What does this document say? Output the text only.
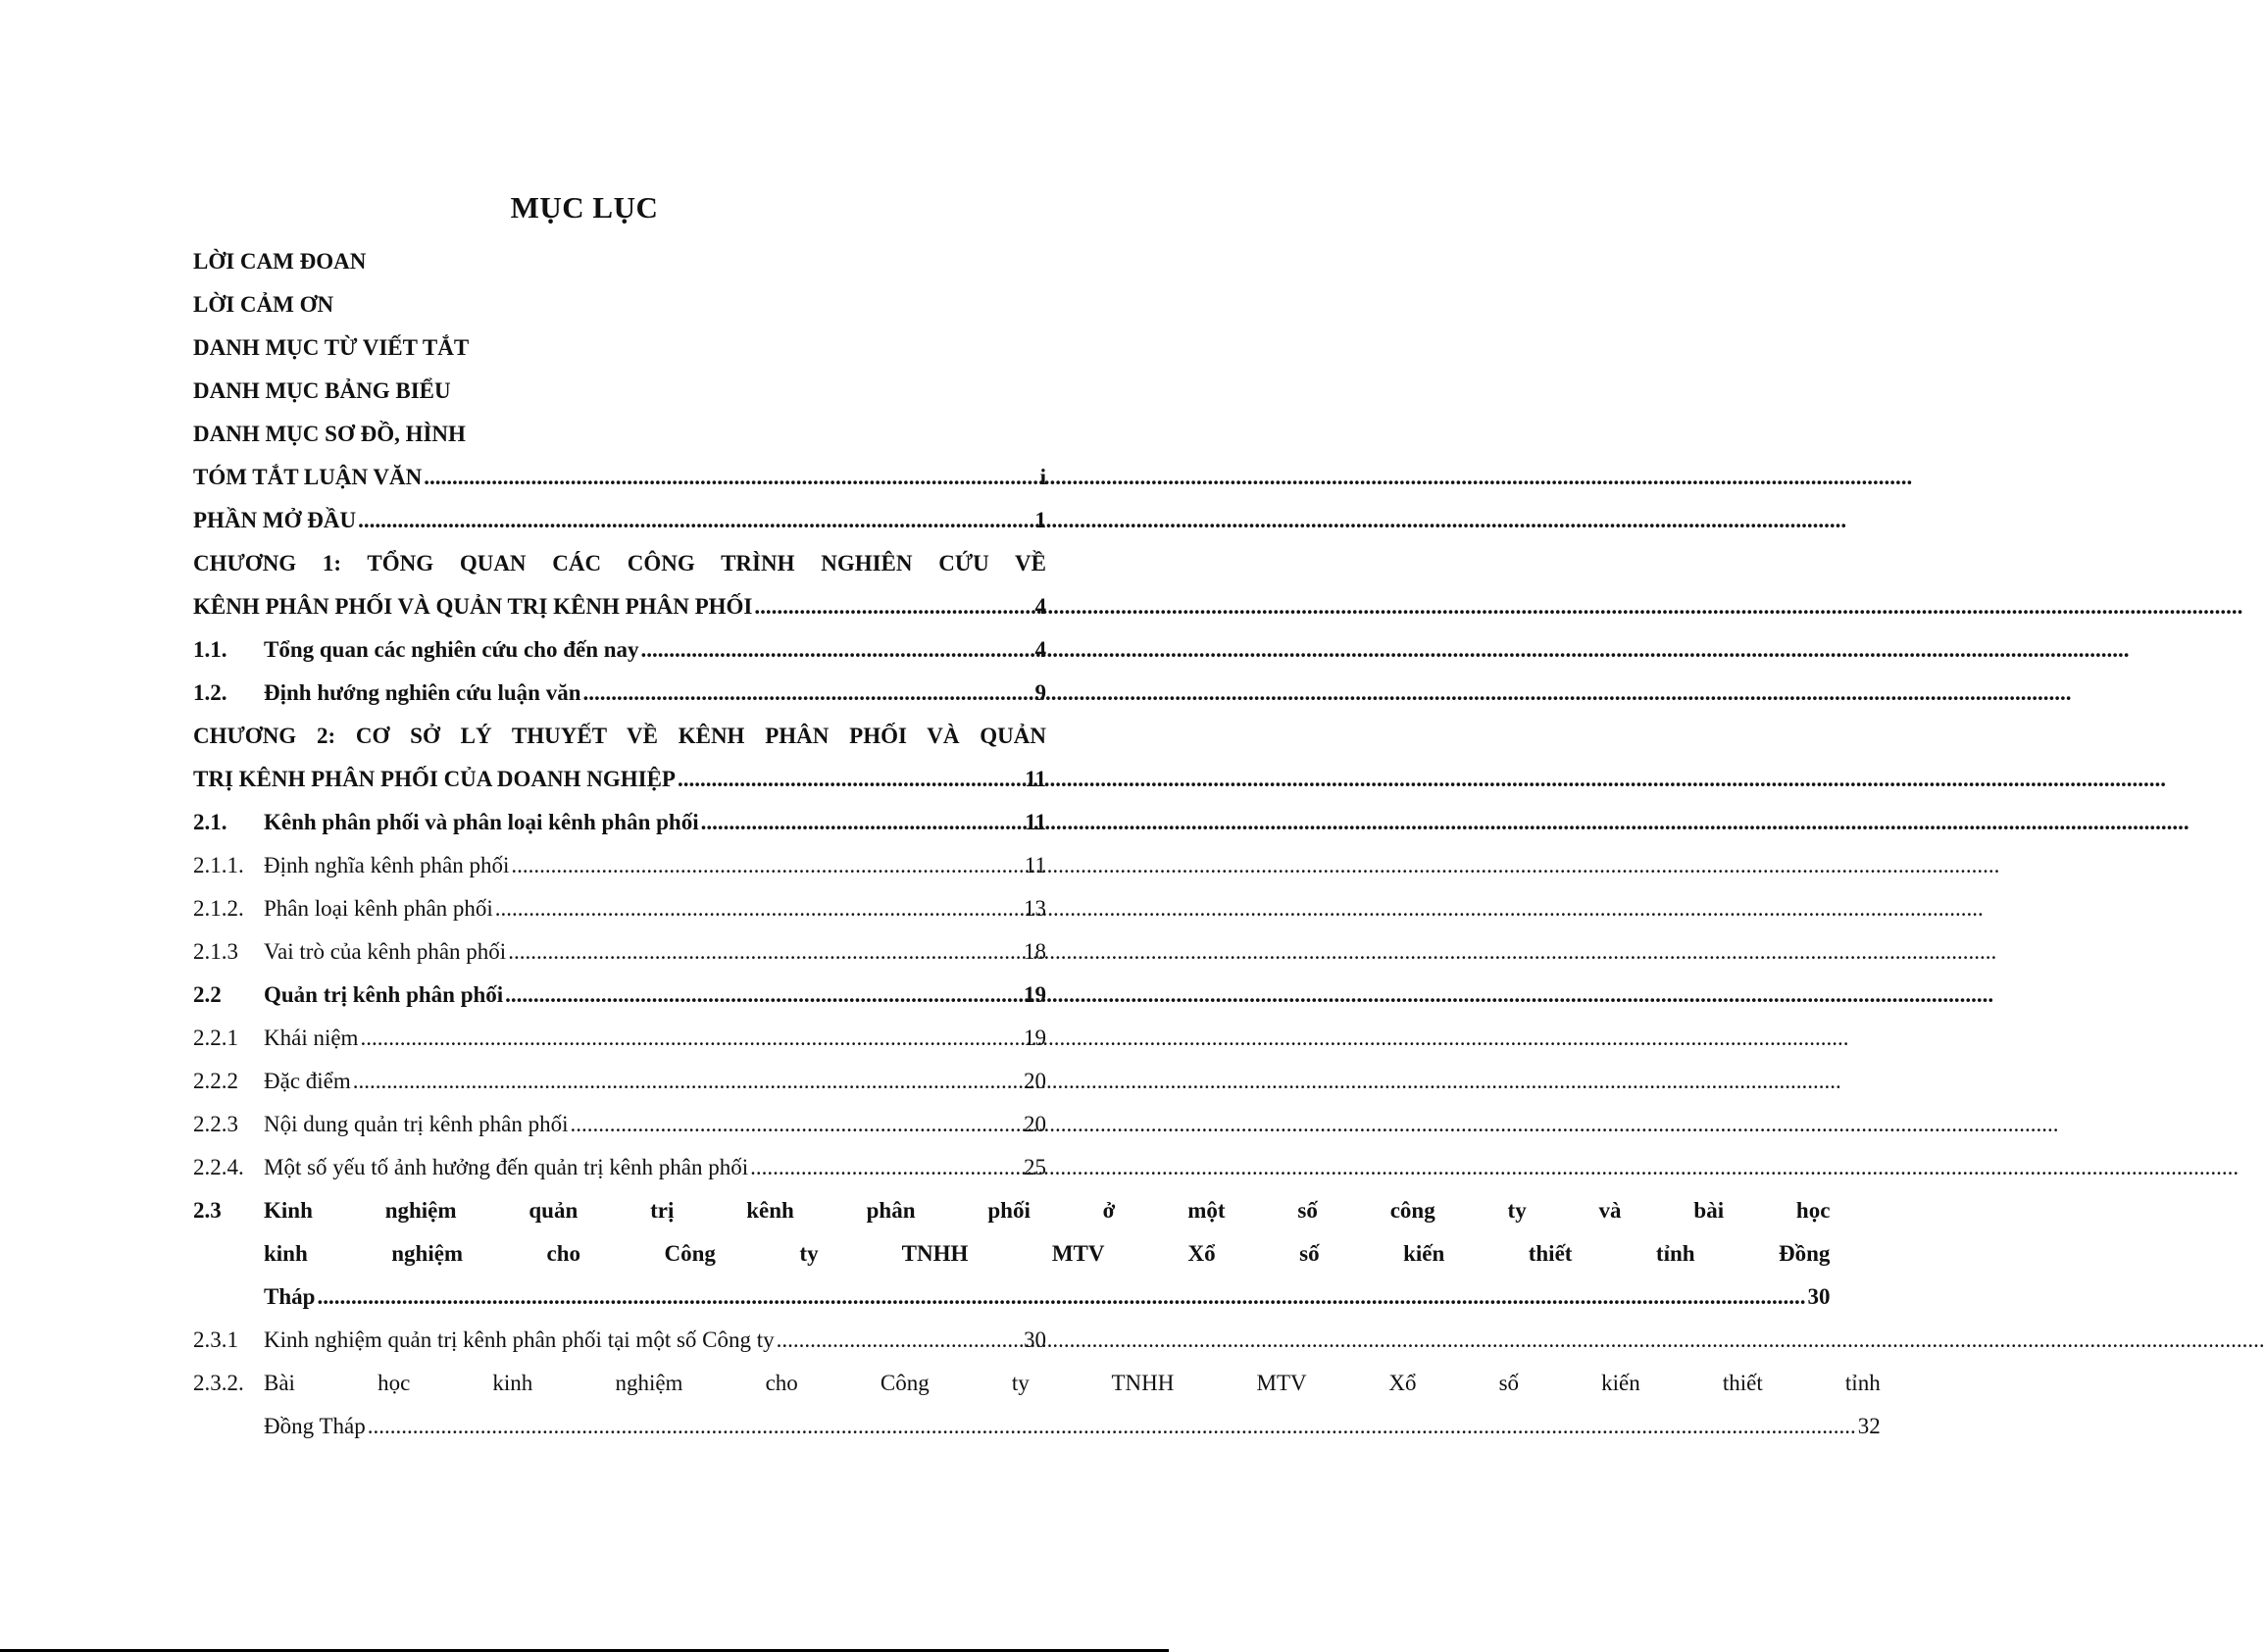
MỤC LỤC
LỜI CAM ĐOAN
LỜI CẢM ƠN
DANH MỤC TỪ VIẾT TẮT
DANH MỤC BẢNG BIỂU
DANH MỤC SƠ ĐỒ, HÌNH
TÓM TẮT LUẬN VĂN .....	i
PHẦN MỞ ĐẦU .....	1
CHƯƠNG 1: TỔNG QUAN CÁC CÔNG TRÌNH NGHIÊN CỨU VỀ
KÊNH PHÂN PHỐI VÀ QUẢN TRỊ KÊNH PHÂN PHỐI .....	4
1.1.	Tổng quan các nghiên cứu cho đến nay .....	4
1.2.	Định hướng nghiên cứu luận văn .....	9
CHƯƠNG 2: CƠ SỞ LÝ THUYẾT VỀ KÊNH PHÂN PHỐI VÀ QUẢN
TRỊ KÊNH PHÂN PHỐI CỦA DOANH NGHIỆP .....	11
2.1.	Kênh phân phối và phân loại kênh phân phối .....	11
2.1.1. Định nghĩa kênh phân phối .....	11
2.1.2. Phân loại kênh phân phối .....	13
2.1.3	Vai trò của kênh phân phối .....	18
2.2	Quản trị kênh phân phối .....	19
2.2.1	Khái niệm .....	19
2.2.2	Đặc điểm .....	20
2.2.3	Nội dung quản trị kênh phân phối .....	20
2.2.4. Một số yếu tố ảnh hưởng đến quản trị kênh phân phối .....	25
2.3	Kinh nghiệm quản trị kênh phân phối ở một số công ty và bài học
kinh nghiệm cho Công ty TNHH MTV Xổ số kiến thiết tỉnh Đồng
Tháp .....	30
2.3.1	Kinh nghiệm quản trị kênh phân phối tại một số Công ty .....	30
2.3.2. Bài học kinh nghiệm cho Công ty TNHH MTV Xổ số kiến thiết tỉnh
Đồng Tháp .....	32
